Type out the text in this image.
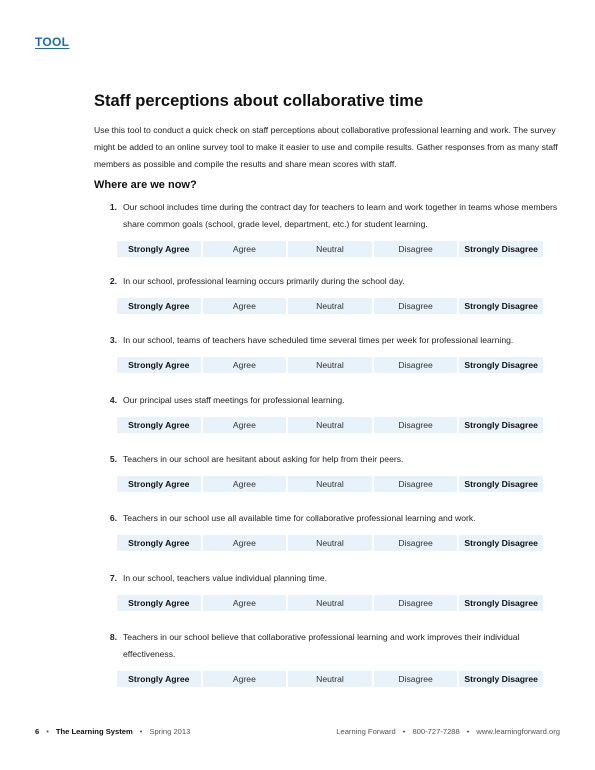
TOOL
Staff perceptions about collaborative time

Use this tool to conduct a quick check on staff perceptions about collaborative professional learning and work. The survey might be added to an online survey tool to make it easier to use and compile results. Gather responses from as many staff members as possible and compile the results and share mean scores with staff.

Where are we now?
1. Our school includes time during the contract day for teachers to learn and work together in teams whose members share common goals (school, grade level, department, etc.) for student learning.
Strongly Agree	Agree	Neutral	Disagree	Strongly Disagree
2. In our school, professional learning occurs primarily during the school day.
Strongly Agree	Agree	Neutral	Disagree	Strongly Disagree
3. In our school, teams of teachers have scheduled time several times per week for professional learning.
Strongly Agree	Agree	Neutral	Disagree	Strongly Disagree
4. Our principal uses staff meetings for professional learning.
Strongly Agree	Agree	Neutral	Disagree	Strongly Disagree
5. Teachers in our school are hesitant about asking for help from their peers.
Strongly Agree	Agree	Neutral	Disagree	Strongly Disagree
6. Teachers in our school use all available time for collaborative professional learning and work.
Strongly Agree	Agree	Neutral	Disagree	Strongly Disagree
7. In our school, teachers value individual planning time.
Strongly Agree	Agree	Neutral	Disagree	Strongly Disagree
8. Teachers in our school believe that collaborative professional learning and work improves their individual effectiveness.
Strongly Agree	Agree	Neutral	Disagree	Strongly Disagree
6 • The Learning System • Spring 2013	Learning Forward • 800-727-7288 • www.learningforward.org
